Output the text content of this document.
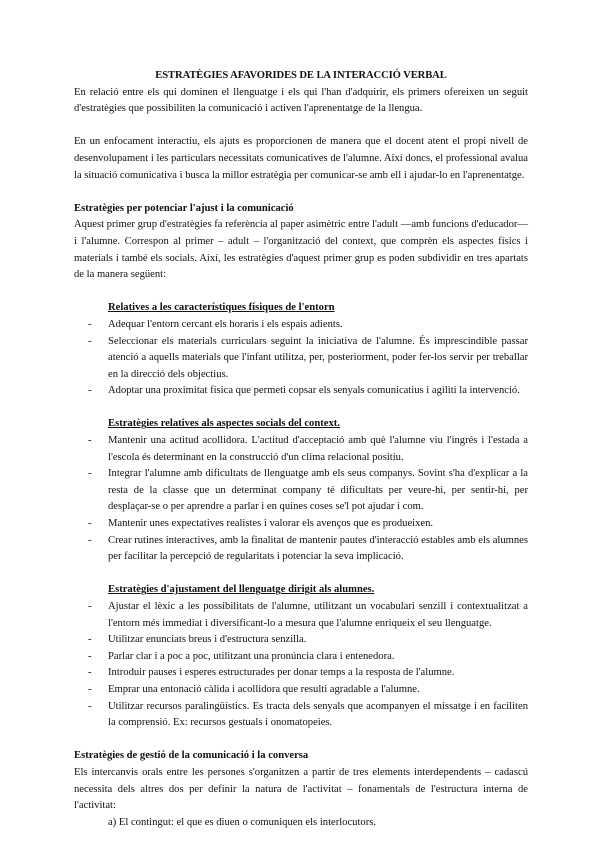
ESTRATÈGIES AFAVORIDES DE LA INTERACCIÓ VERBAL

En relació entre els qui dominen el llenguatge i els qui l'han d'adquirir, els primers ofereixen un seguit d'estratègies que possibiliten la comunicació i activen l'aprenentatge de la llengua.

En un enfocament interactiu, els ajuts es proporcionen de manera que el docent atent el propi nivell de desenvolupament i les particulars necessitats comunicatives de l'alumne. Així doncs, el professional avalua la situació comunicativa i busca la millor estratègia per comunicar-se amb ell i ajudar-lo en l'aprenentatge.

Estratègies per potenciar l'ajust i la comunicació

Aquest primer grup d'estratègies fa referència al paper asimètric entre l'adult —amb funcions d'educador— i l'alumne. Correspon al primer – adult – l'organització del context, que comprèn els aspectes físics i materials i també els socials. Així, les estratègies d'aquest primer grup es poden subdividir en tres apartats de la manera següent:

Relatives a les característiques físiques de l'entorn

- Adequar l'entorn cercant els horaris i els espais adients.
- Seleccionar els materials curriculars seguint la iniciativa de l'alumne. És imprescindible passar atenció a aquells materials que l'infant utilitza, per, posteriorment, poder fer-los servir per treballar en la direcció dels objectius.
- Adoptar una proximitat física que permeti copsar els senyals comunicatius i agiliti la intervenció.

Estratègies relatives als aspectes socials del context.

- Mantenir una actitud acollidora. L'actitud d'acceptació amb què l'alumne viu l'ingrés i l'estada a l'escola és determinant en la construcció d'un clima relacional positiu.
- Integrar l'alumne amb dificultats de llenguatge amb els seus companys. Sovint s'ha d'explicar a la resta de la classe que un determinat company té dificultats per veure-hi, per sentir-hi, per desplaçar-se o per aprendre a parlar i en quines coses se'l pot ajudar i com.
- Mantenir unes expectatives realistes i valorar els avenços que es produeixen.
- Crear rutines interactives, amb la finalitat de mantenir pautes d'interacció estables amb els alumnes per facilitar la percepció de regularitats i potenciar la seva implicació.

Estratègies d'ajustament del llenguatge dirigit als alumnes.

- Ajustar el lèxic a les possibilitats de l'alumne, utilitzant un vocabulari senzill i contextualitzat a l'entorn més immediat i diversificant-lo a mesura que l'alumne enriqueix el seu llenguatge.
- Utilitzar enunciats breus i d'estructura senzilla.
- Parlar clar i a poc a poc, utilitzant una pronúncia clara i entenedora.
- Introduir pauses i esperes estructurades per donar temps a la resposta de l'alumne.
- Emprar una entonació càlida i acollidora que resulti agradable a l'alumne.
- Utilitzar recursos paralingüístics. Es tracta dels senyals que acompanyen el missatge i en faciliten la comprensió. Ex: recursos gestuals i onomatopeies.

Estratègies de gestió de la comunicació i la conversa

Els intercanvis orals entre les persones s'organitzen a partir de tres elements interdependents – cadascú necessita dels altres dos per definir la natura de l'activitat – fonamentals de l'estructura interna de l'activitat:

a) El contingut: el que es diuen o comuniquen els interlocutors.
